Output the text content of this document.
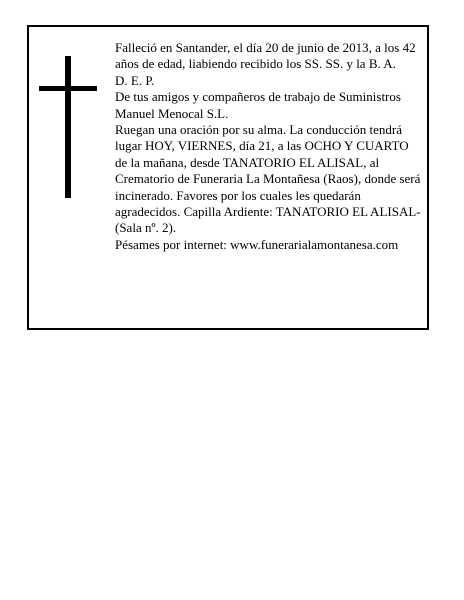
Falleció en Santander, el día 20 de junio de 2013, a los 42 años de edad, liabiendo recibido los SS. SS. y la B. A.

D. E. P.

De tus amigos y compañeros de trabajo de Suministros Manuel Menocal S.L.

Ruegan una oración por su alma. La conducción tendrá lugar HOY, VIERNES, día 21, a las OCHO Y CUARTO de la mañana, desde TANATORIO EL ALISAL, al Crematorio de Funeraria La Montañesa (Raos), donde será incinerado. Favores por los cuales les quedarán agradecidos. Capilla Ardiente: TANATORIO EL ALISAL-(Sala nº. 2).

Pésames por internet: www.funerarialamontanesa.com
